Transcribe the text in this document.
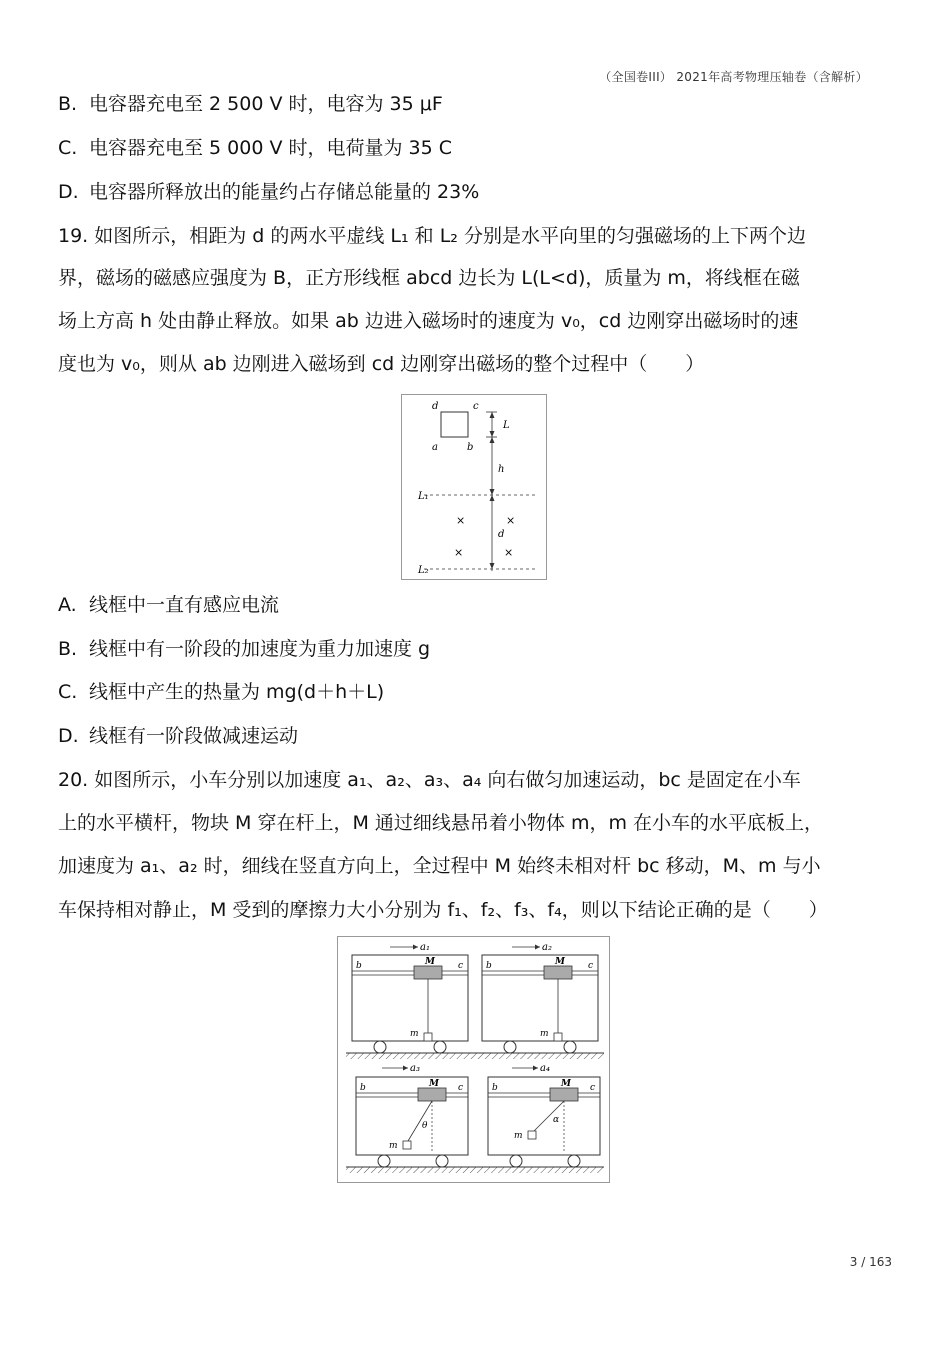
（全国卷III） 2021年高考物理压轴卷（含解析）
B. 电容器充电至 2 500 V 时，电容为 35 μF
C. 电容器充电至 5 000 V 时，电荷量为 35 C
D. 电容器所释放出的能量约占存储总能量的 23%
19. 如图所示，相距为 d 的两水平虚线 L₁ 和 L₂ 分别是水平向里的匀强磁场的上下两个边
界，磁场的磁感应强度为 B，正方形线框 abcd 边长为 L(L<d)，质量为 m，将线框在磁
场上方高 h 处由静止释放。如果 ab 边进入磁场时的速度为 v₀，cd 边刚穿出磁场时的速
度也为 v₀，则从 ab 边刚进入磁场到 cd 边刚穿出磁场的整个过程中（　　）
d	c
a	b
L
h
d
L₁
L₂
×	×
×	×
A. 线框中一直有感应电流
B. 线框中有一阶段的加速度为重力加速度 g
C. 线框中产生的热量为 mg(d＋h＋L)
D. 线框有一阶段做减速运动
20. 如图所示，小车分别以加速度 a₁、a₂、a₃、a₄ 向右做匀加速运动，bc 是固定在小车
上的水平横杆，物块 M 穿在杆上，M 通过细线悬吊着小物体 m，m 在小车的水平底板上，
加速度为 a₁、a₂ 时，细线在竖直方向上，全过程中 M 始终未相对杆 bc 移动，M、m 与小
车保持相对静止，M 受到的摩擦力大小分别为 f₁、f₂、f₃、f₄，则以下结论正确的是（　　）
a₁
b	c
M
m
a₂
b	c
M
m
a₃
b	c
M
m
θ
a₄
b	c
M
m
α
3 / 163
